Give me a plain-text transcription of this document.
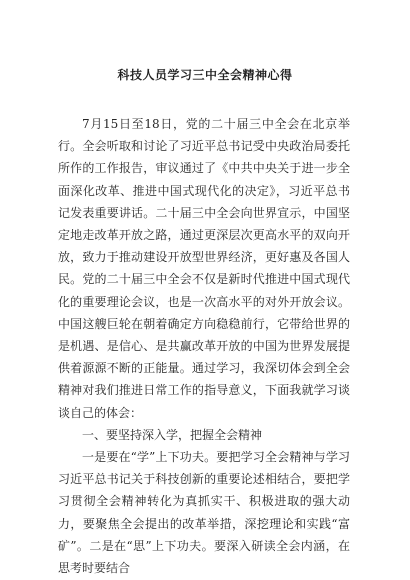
科技人员学习三中全会精神心得

7月15日至18日，党的二十届三中全会在北京举行。全会听取和讨论了习近平总书记受中央政治局委托所作的工作报告，审议通过了《中共中央关于进一步全面深化改革、推进中国式现代化的决定》，习近平总书记发表重要讲话。二十届三中全会向世界宣示，中国坚定地走改革开放之路，通过更深层次更高水平的双向开放，致力于推动建设开放型世界经济，更好惠及各国人民。党的二十届三中全会不仅是新时代推进中国式现代化的重要理论会议，也是一次高水平的对外开放会议。中国这艘巨轮在朝着确定方向稳稳前行，它带给世界的是机遇、是信心、是共赢改革开放的中国为世界发展提供着源源不断的正能量。通过学习，我深切体会到全会精神对我们推进日常工作的指导意义，下面我就学习谈谈自己的体会：

一、要坚持深入学，把握全会精神

一是要在“学”上下功夫。要把学习全会精神与学习习近平总书记关于科技创新的重要论述相结合，要把学习贯彻全会精神转化为真抓实干、积极进取的强大动力，要聚焦全会提出的改革举措，深挖理论和实践“富矿”。二是在“思”上下功夫。要深入研读全会内涵，在思考时要结合
